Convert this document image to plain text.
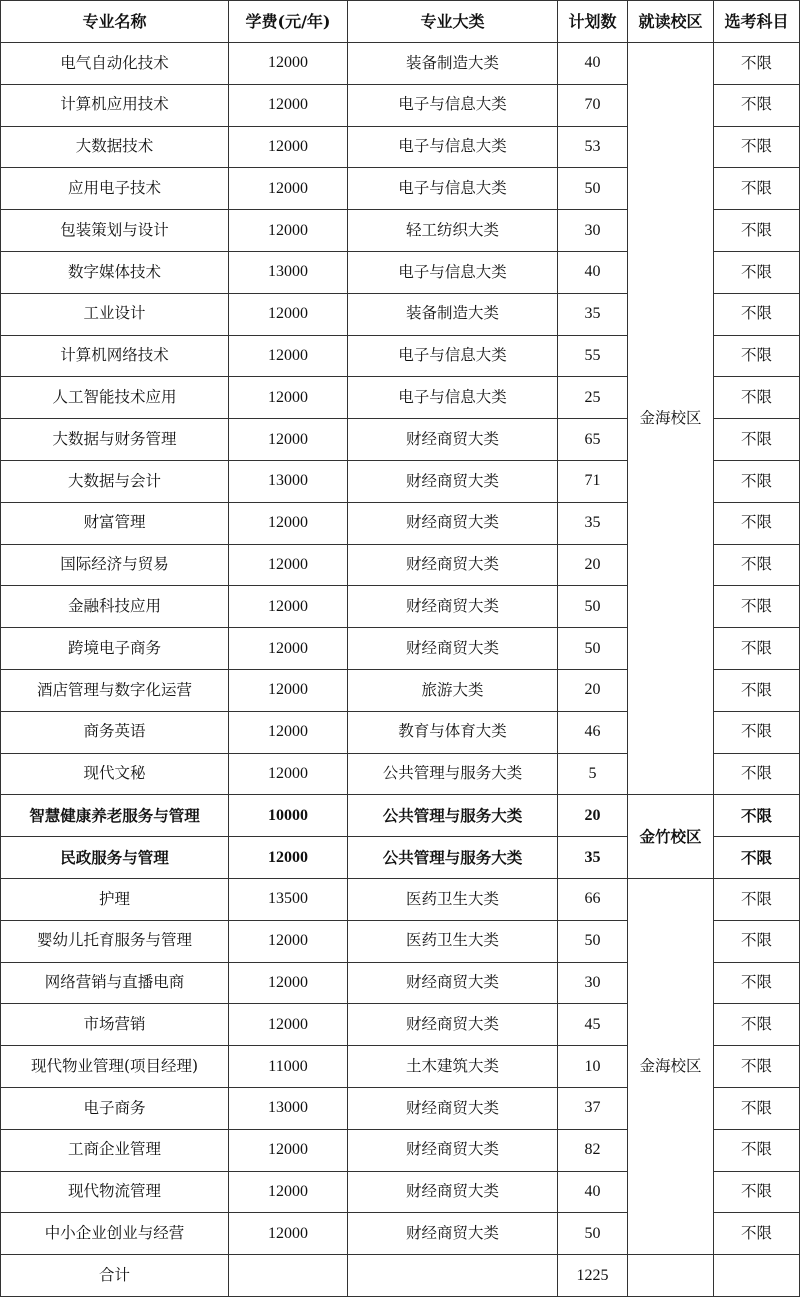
专业名称	学费(元/年)	专业大类	计划数	就读校区	选考科目
电气自动化技术	12000	装备制造大类	40	金海校区	不限
计算机应用技术	12000	电子与信息大类	70		不限
大数据技术	12000	电子与信息大类	53		不限
应用电子技术	12000	电子与信息大类	50		不限
包装策划与设计	12000	轻工纺织大类	30		不限
数字媒体技术	13000	电子与信息大类	40		不限
工业设计	12000	装备制造大类	35		不限
计算机网络技术	12000	电子与信息大类	55		不限
人工智能技术应用	12000	电子与信息大类	25		不限
大数据与财务管理	12000	财经商贸大类	65		不限
大数据与会计	13000	财经商贸大类	71		不限
财富管理	12000	财经商贸大类	35		不限
国际经济与贸易	12000	财经商贸大类	20		不限
金融科技应用	12000	财经商贸大类	50		不限
跨境电子商务	12000	财经商贸大类	50		不限
酒店管理与数字化运营	12000	旅游大类	20		不限
商务英语	12000	教育与体育大类	46		不限
现代文秘	12000	公共管理与服务大类	5		不限
智慧健康养老服务与管理	10000	公共管理与服务大类	20	金竹校区	不限
民政服务与管理	12000	公共管理与服务大类	35		不限
护理	13500	医药卫生大类	66	金海校区	不限
婴幼儿托育服务与管理	12000	医药卫生大类	50		不限
网络营销与直播电商	12000	财经商贸大类	30		不限
市场营销	12000	财经商贸大类	45		不限
现代物业管理(项目经理)	11000	土木建筑大类	10		不限
电子商务	13000	财经商贸大类	37		不限
工商企业管理	12000	财经商贸大类	82		不限
现代物流管理	12000	财经商贸大类	40		不限
中小企业创业与经营	12000	财经商贸大类	50		不限
合计			1225		
